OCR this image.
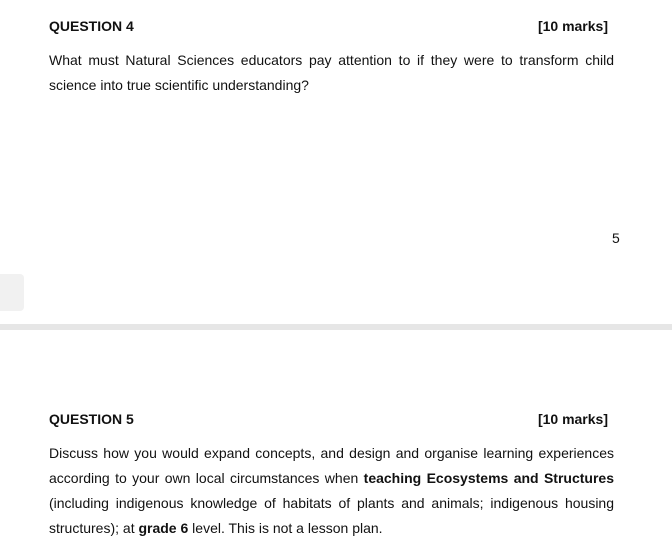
QUESTION 4	[10 marks]

What must Natural Sciences educators pay attention to if they were to transform child science into true scientific understanding?

5
QUESTION 5	[10 marks]

Discuss how you would expand concepts, and design and organise learning experiences according to your own local circumstances when teaching Ecosystems and Structures (including indigenous knowledge of habitats of plants and animals; indigenous housing structures); at grade 6 level. This is not a lesson plan.
